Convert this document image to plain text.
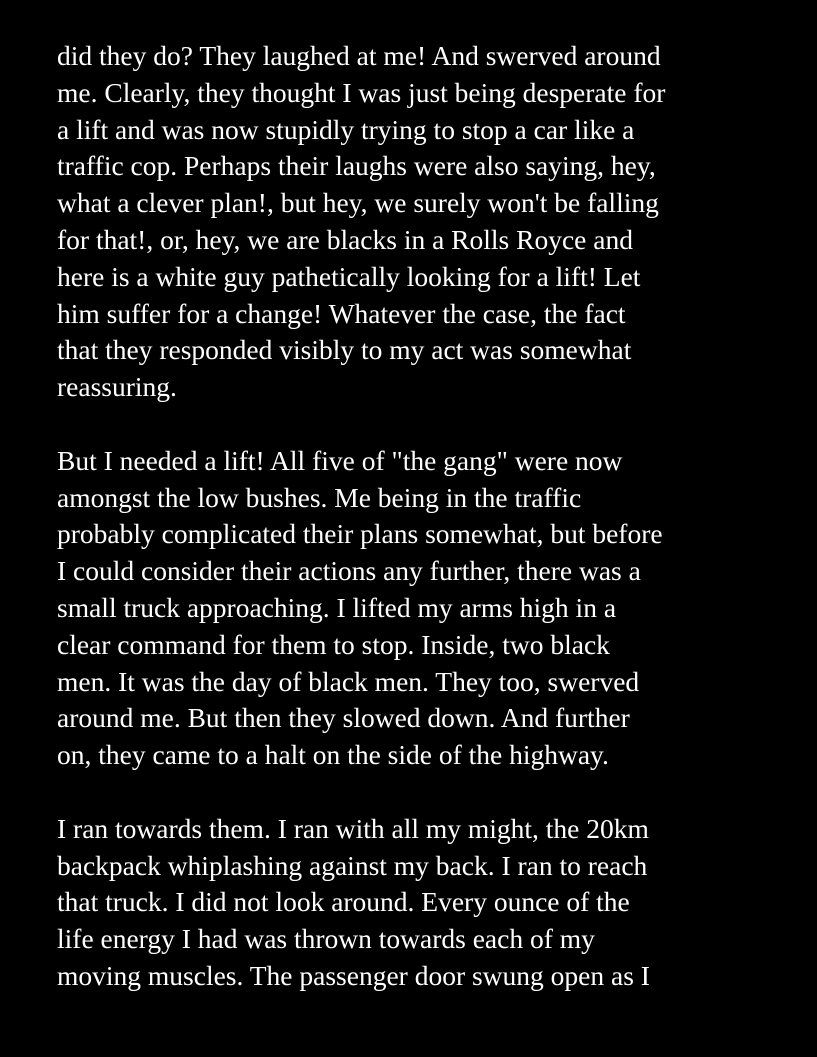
did they do? They laughed at me! And swerved around
me. Clearly, they thought I was just being desperate for
a lift and was now stupidly trying to stop a car like a
traffic cop. Perhaps their laughs were also saying, hey,
what a clever plan!, but hey, we surely won't be falling
for that!, or, hey, we are blacks in a Rolls Royce and
here is a white guy pathetically looking for a lift! Let
him suffer for a change! Whatever the case, the fact
that they responded visibly to my act was somewhat
reassuring.

But I needed a lift! All five of "the gang" were now
amongst the low bushes. Me being in the traffic
probably complicated their plans somewhat, but before
I could consider their actions any further, there was a
small truck approaching. I lifted my arms high in a
clear command for them to stop. Inside, two black
men. It was the day of black men. They too, swerved
around me. But then they slowed down. And further
on, they came to a halt on the side of the highway.

I ran towards them. I ran with all my might, the 20km
backpack whiplashing against my back. I ran to reach
that truck. I did not look around. Every ounce of the
life energy I had was thrown towards each of my
moving muscles. The passenger door swung open as I
